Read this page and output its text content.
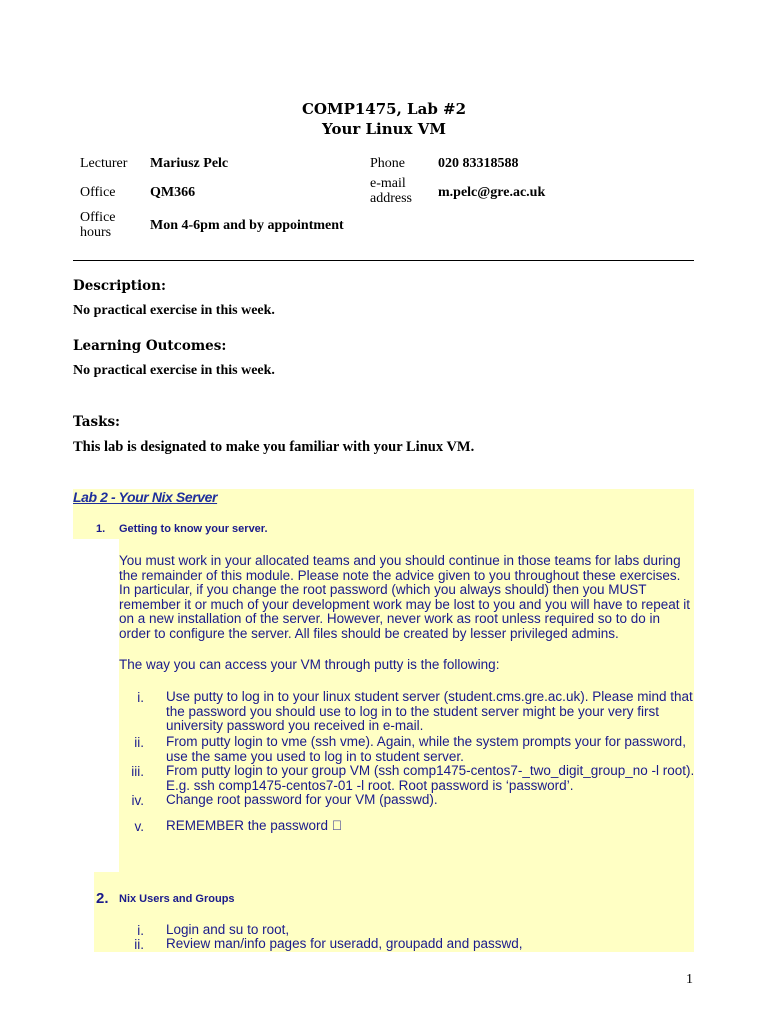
COMP1475, Lab #2
Your Linux VM
Lecturer Mariusz Pelc	Phone 020 83318588
Office QM366
e-mail
address m.pelc@gre.ac.uk
Office
hours	Mon 4-6pm and by appointment
Description:
No practical exercise in this week.
Learning Outcomes:
No practical exercise in this week.
Tasks:
This lab is designated to make you familiar with your Linux VM.
Lab 2 - Your Nix Server
1. Getting to know your server.
You must work in your allocated teams and you should continue in those teams for labs during
the remainder of this module. Please note the advice given to you throughout these exercises.
In particular, if you change the root password (which you always should) then you MUST
remember it or much of your development work may be lost to you and you will have to repeat it
on a new installation of the server. However, never work as root unless required so to do in
order to configure the server. All files should be created by lesser privileged admins.
The way you can access your VM through putty is the following:
i. Use putty to log in to your linux student server (student.cms.gre.ac.uk). Please mind that the password you should use to log in to the student server might be your very first university password you received in e-mail.
ii. From putty login to vme (ssh vme). Again, while the system prompts your for password, use the same you used to log in to student server.
iii. From putty login to your group VM (ssh comp1475-centos7-_two_digit_group_no -l root). E.g. ssh comp1475-centos7-01 -l root. Root password is ‘password’.
iv. Change root password for your VM (passwd).
v. REMEMBER the password
2. Nix Users and Groups
i. Login and su to root,
ii. Review man/info pages for useradd, groupadd and passwd,
1
